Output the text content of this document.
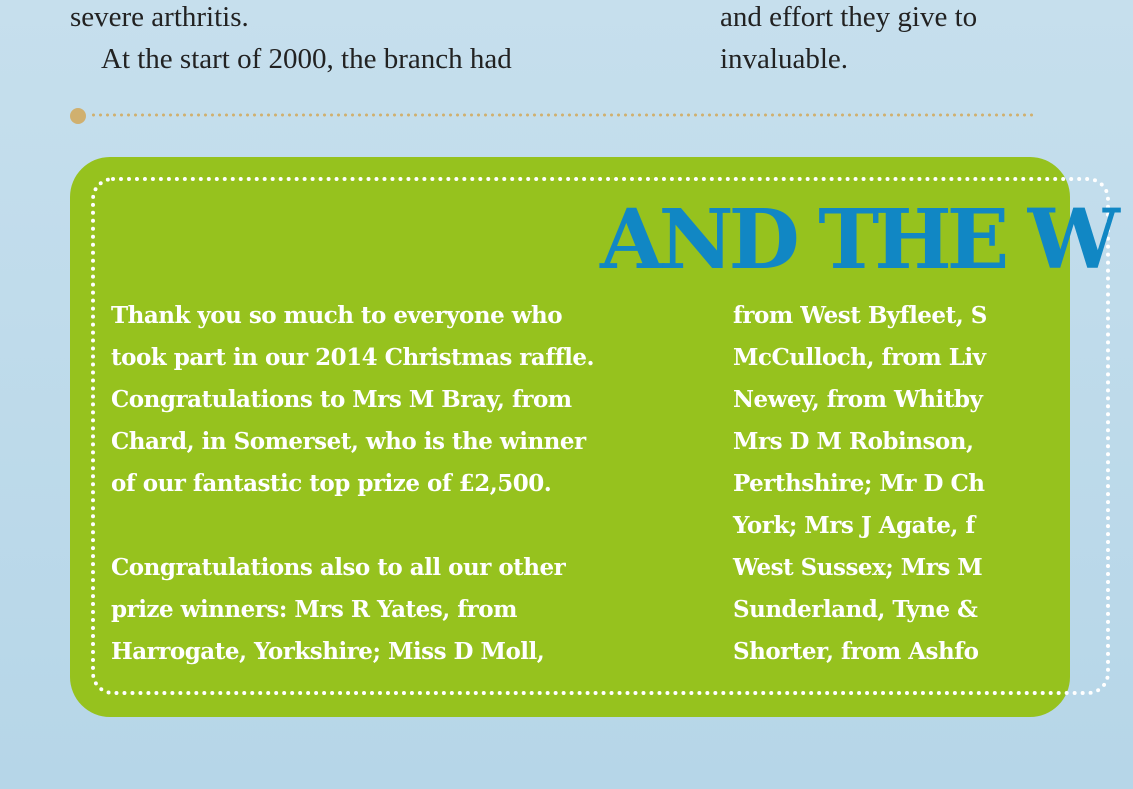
severe arthritis.
At the start of 2000, the branch had
and effort they give to
invaluable.
AND THE W

Thank you so much to everyone who

took part in our 2014 Christmas raffle.

Congratulations to Mrs M Bray, from

Chard, in Somerset, who is the winner

of our fantastic top prize of £2,500.

Congratulations also to all our other

prize winners: Mrs R Yates, from

Harrogate, Yorkshire; Miss D Moll,

from West Byfleet, S

McCulloch, from Liv

Newey, from Whitby

Mrs D M Robinson,

Perthshire; Mr D Ch

York; Mrs J Agate, f

West Sussex; Mrs M

Sunderland, Tyne &

Shorter, from Ashfo
